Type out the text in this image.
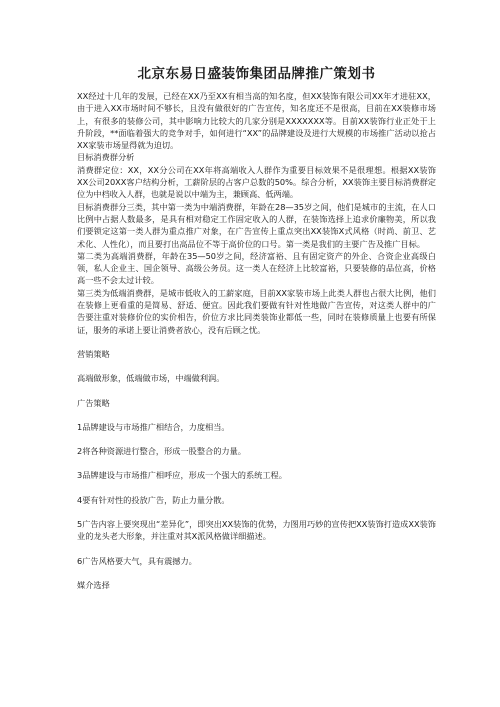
北京东易日盛装饰集团品牌推广策划书

XX经过十几年的发展，已经在XX乃至XX有相当高的知名度，但XX装饰有限公司XX年才进驻XX，由于进入XX市场时间不够长，且没有做很好的广告宣传，知名度还不是很高，目前在XX装修市场上，有很多的装修公司，其中影响力比较大的几家分别是XXXXXXX等。目前XX装饰行业正处于上升阶段，**面临着强大的竞争对手，如何进行“XX”的品牌建设及进行大规模的市场推广活动以抢占XX家装市场显得就为迫切。

目标消费群分析

消费群定位：XX，XX分公司在XX年将高端收入人群作为重要目标效果不是很理想。根据XX装饰XX公司20XX客户结构分析，工薪阶层的占客户总数的50%。综合分析，XX装饰主要目标消费群定位为中档收入人群，也就是说以中端为主，兼顾高、低两端。

目标消费群分三类，其中第一类为中端消费群，年龄在28—35岁之间，他们是城市的主流，在人口比例中占据人数最多，是具有相对稳定工作固定收入的人群，在装饰选择上追求价廉物美，所以我们要锁定这第一类人群为重点推广对象，在广告宣传上重点突出XX装饰X式风格（时尚、前卫、艺术化、人性化），而且要打出高品位不等于高价位的口号。第一类是我们的主要广告及推广目标。

第二类为高端消费群，年龄在35—50岁之间，经济富裕、且有固定资产的外企、合资企业高级白领，私人企业主、国企领导、高级公务员。这一类人在经济上比较富裕，只要装修的品位高，价格高一些不会太过计较。

第三类为低端消费群，是城市低收入的工薪家庭，目前XX家装市场上此类人群也占很大比例，他们在装修上更看重的是简易、舒适、便宜。因此我们要做有针对性地做广告宣传，对这类人群中的广告要注重对装修价位的实价相告，价位方求比同类装饰业都低一些，同时在装修质量上也要有所保证，服务的承诺上要让消费者放心，没有后顾之忧。

营销策略

高端做形象，低端做市场，中端做利润。

广告策略

1品牌建设与市场推广相结合，力度相当。

2将各种资源进行整合，形成一股整合的力量。

3品牌建设与市场推广相呼应，形成一个强大的系统工程。

4要有针对性的投放广告，防止力量分散。

5广告内容上要突现出“差异化”，即突出XX装饰的优势，力图用巧妙的宣传把XX装饰打造成XX装饰业的龙头老大形象，并注重对其X派风格做详细描述。

6广告风格要大气，具有震撼力。

媒介选择
